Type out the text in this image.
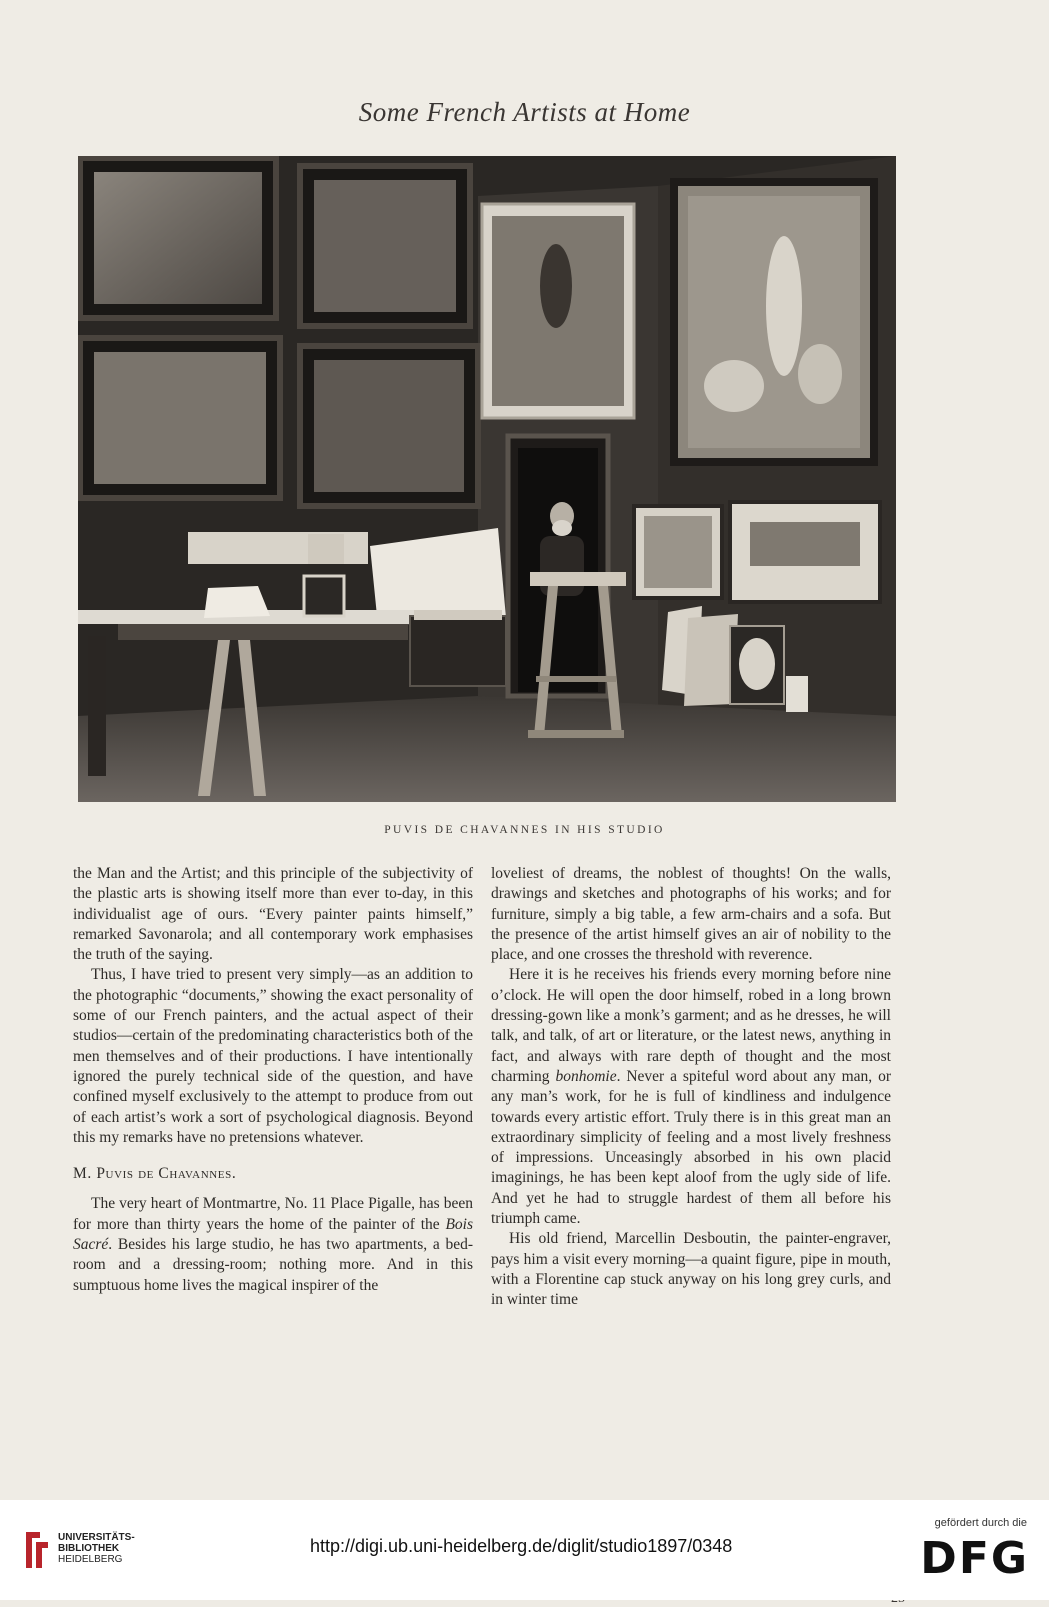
Some French Artists at Home
PUVIS DE CHAVANNES IN HIS STUDIO

the Man and the Artist; and this principle of the subjectivity of the plastic arts is showing itself more than ever to-day, in this individualist age of ours. “Every painter paints himself,” remarked Savonarola; and all contemporary work emphasises the truth of the saying.

Thus, I have tried to present very simply—as an addition to the photographic “documents,” showing the exact personality of some of our French painters, and the actual aspect of their studios—certain of the predominating characteristics both of the men themselves and of their productions. I have intentionally ignored the purely technical side of the question, and have confined myself exclusively to the attempt to produce from out of each artist’s work a sort of psychological diagnosis. Beyond this my remarks have no pretensions whatever.

M. Puvis de Chavannes.

The very heart of Montmartre, No. 11 Place Pigalle, has been for more than thirty years the home of the painter of the Bois Sacré. Besides his large studio, he has two apartments, a bed-room and a dressing-room; nothing more. And in this sumptuous home lives the magical inspirer of the

loveliest of dreams, the noblest of thoughts! On the walls, drawings and sketches and photographs of his works; and for furniture, simply a big table, a few arm-chairs and a sofa. But the presence of the artist himself gives an air of nobility to the place, and one crosses the threshold with reverence.

Here it is he receives his friends every morning before nine o’clock. He will open the door himself, robed in a long brown dressing-gown like a monk’s garment; and as he dresses, he will talk, and talk, of art or literature, or the latest news, anything in fact, and always with rare depth of thought and the most charming bonhomie. Never a spiteful word about any man, or any man’s work, for he is full of kindliness and indulgence towards every artistic effort. Truly there is in this great man an extraordinary simplicity of feeling and a most lively freshness of impressions. Unceasingly absorbed in his own placid imaginings, he has been kept aloof from the ugly side of life. And yet he had to struggle hardest of them all before his triumph came.

His old friend, Marcellin Desboutin, the painter-engraver, pays him a visit every morning—a quaint figure, pipe in mouth, with a Florentine cap stuck anyway on his long grey curls, and in winter time

UNIVERSITÄTS-
BIBLIOTHEK
HEIDELBERG
http://digi.ub.uni-heidelberg.de/diglit/studio1897/0348
gefördert durch die
DFG
